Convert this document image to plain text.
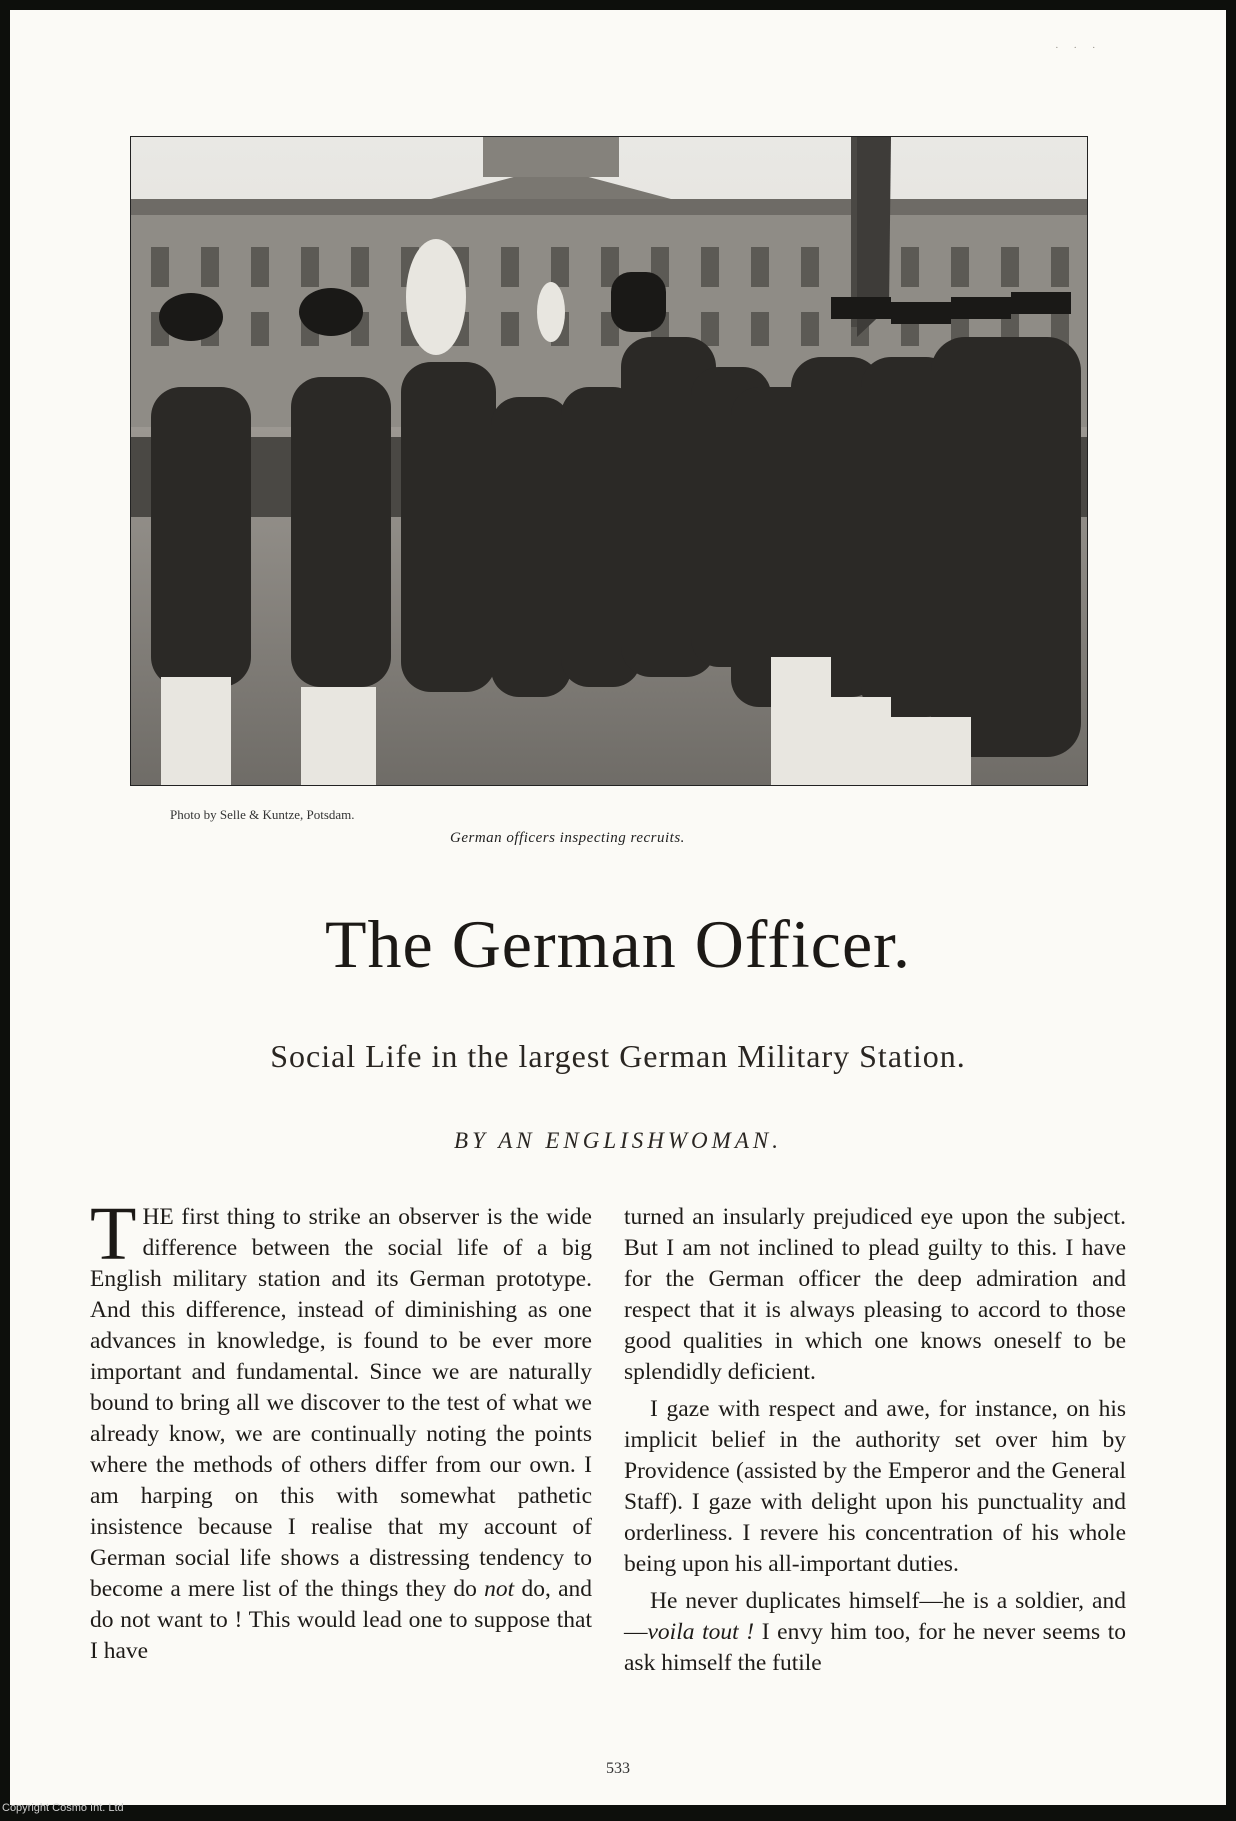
· · ·
Photo by Selle & Kuntze, Potsdam.
German officers inspecting recruits.
The German Officer.
Social Life in the largest German Military Station.
BY AN ENGLISHWOMAN.

THE first thing to strike an observer is the wide difference between the social life of a big English military station and its German prototype. And this difference, instead of diminishing as one advances in knowledge, is found to be ever more important and fundamental. Since we are naturally bound to bring all we discover to the test of what we already know, we are continually noting the points where the methods of others differ from our own. I am harping on this with somewhat pathetic insistence because I realise that my account of German social life shows a distressing tendency to become a mere list of the things they do not do, and do not want to ! This would lead one to suppose that I have

turned an insularly prejudiced eye upon the subject. But I am not inclined to plead guilty to this. I have for the German officer the deep admiration and respect that it is always pleasing to accord to those good qualities in which one knows oneself to be splendidly deficient.

I gaze with respect and awe, for instance, on his implicit belief in the authority set over him by Providence (assisted by the Emperor and the General Staff). I gaze with delight upon his punctuality and orderliness. I revere his concentration of his whole being upon his all-important duties.

He never duplicates himself—he is a soldier, and—voila tout ! I envy him too, for he never seems to ask himself the futile

533
Copyright Cosmo Int. Ltd
